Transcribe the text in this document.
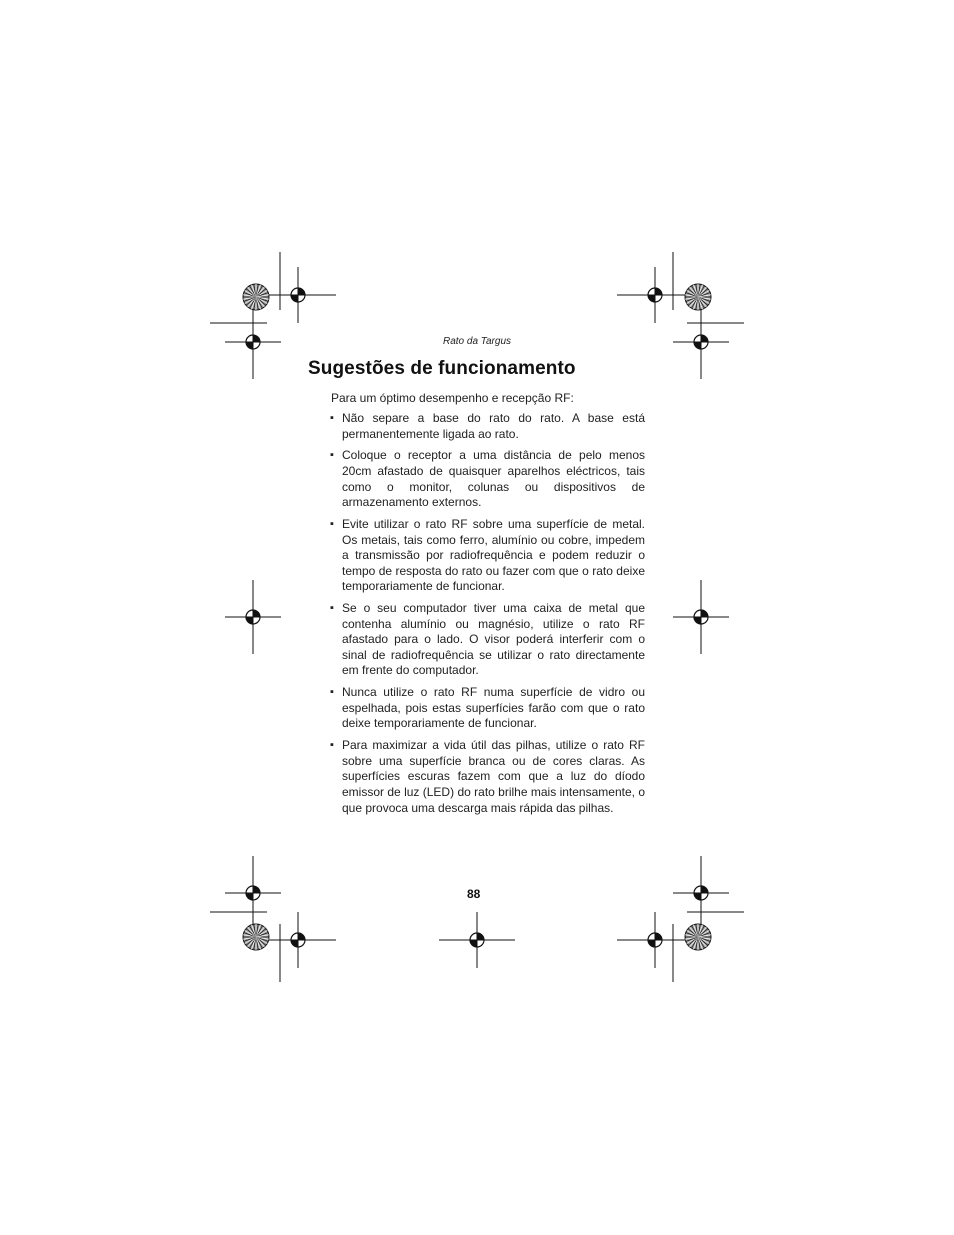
Rato da Targus
Sugestões de funcionamento

Para um óptimo desempenho e recepção RF:

▪ Não separe a base do rato do rato. A base está permanentemente ligada ao rato.
▪ Coloque o receptor a uma distância de pelo menos 20cm afastado de quaisquer aparelhos eléctricos, tais como o monitor, colunas ou dispositivos de armazenamento externos.
▪ Evite utilizar o rato RF sobre uma superfície de metal. Os metais, tais como ferro, alumínio ou cobre, impedem a transmissão por radiofrequência e podem reduzir o tempo de resposta do rato ou fazer com que o rato deixe temporariamente de funcionar.
▪ Se o seu computador tiver uma caixa de metal que contenha alumínio ou magnésio, utilize o rato RF afastado para o lado. O visor poderá interferir com o sinal de radiofrequência se utilizar o rato directamente em frente do computador.
▪ Nunca utilize o rato RF numa superfície de vidro ou espelhada, pois estas superfícies farão com que o rato deixe temporariamente de funcionar.
▪ Para maximizar a vida útil das pilhas, utilize o rato RF sobre uma superfície branca ou de cores claras. As superfícies escuras fazem com que a luz do díodo emissor de luz (LED) do rato brilhe mais intensamente, o que provoca uma descarga mais rápida das pilhas.
88
